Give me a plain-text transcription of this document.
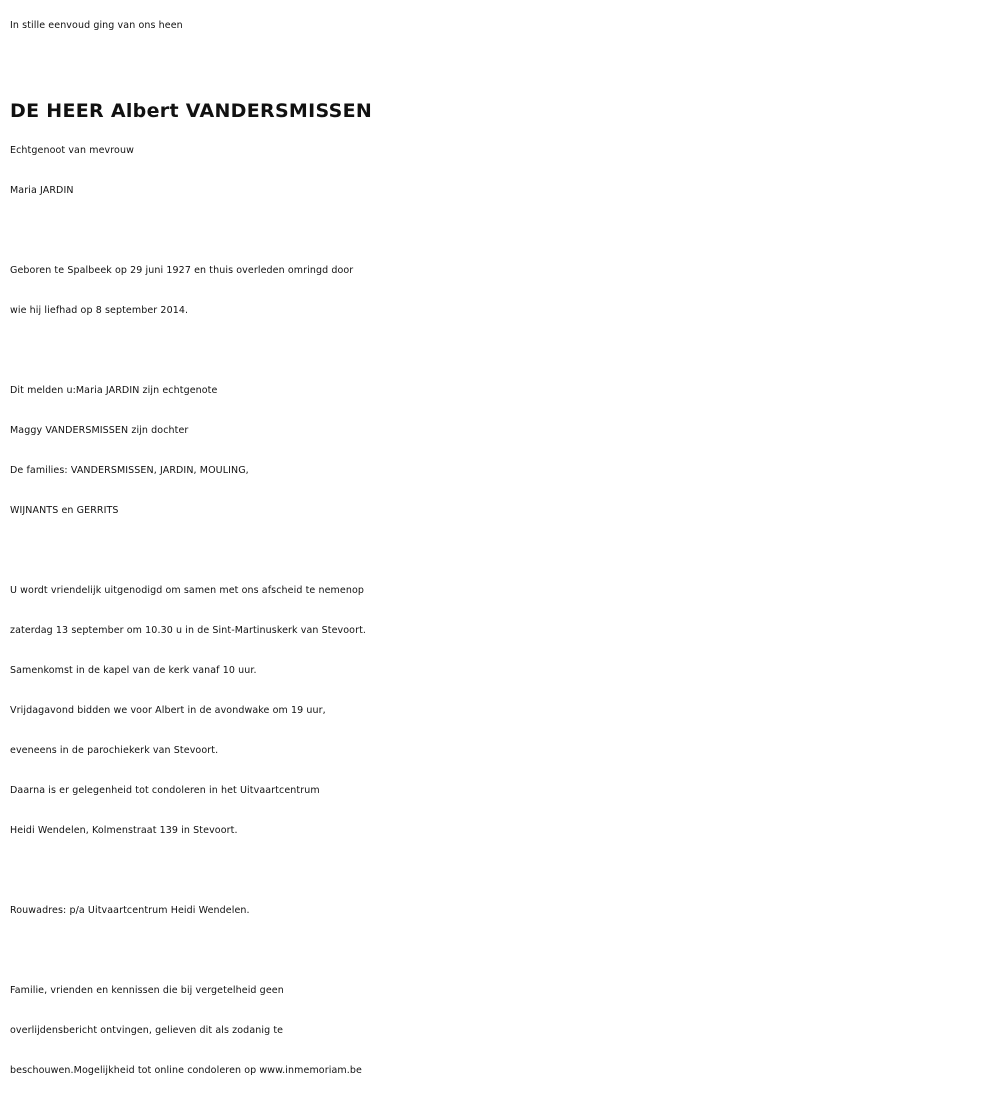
In stille eenvoud ging van ons heen
DE HEER Albert VANDERSMISSEN
Echtgenoot van mevrouw
Maria JARDIN
Geboren te Spalbeek op 29 juni 1927 en thuis overleden omringd door
wie hij liefhad op 8 september 2014.
Dit melden u:Maria JARDIN zijn echtgenote
Maggy VANDERSMISSEN zijn dochter
De families: VANDERSMISSEN, JARDIN, MOULING,
WIJNANTS en GERRITS
U wordt vriendelijk uitgenodigd om samen met ons afscheid te nemenop
zaterdag 13 september om 10.30 u in de Sint-Martinuskerk van Stevoort.
Samenkomst in de kapel van de kerk vanaf 10 uur.
Vrijdagavond bidden we voor Albert in de avondwake om 19 uur,
eveneens in de parochiekerk van Stevoort.
Daarna is er gelegenheid tot condoleren in het Uitvaartcentrum
Heidi Wendelen, Kolmenstraat 139 in Stevoort.
Rouwadres: p/a Uitvaartcentrum Heidi Wendelen.
Familie, vrienden en kennissen die bij vergetelheid geen
overlijdensbericht ontvingen, gelieven dit als zodanig te
beschouwen.Mogelijkheid tot online condoleren op www.inmemoriam.be
